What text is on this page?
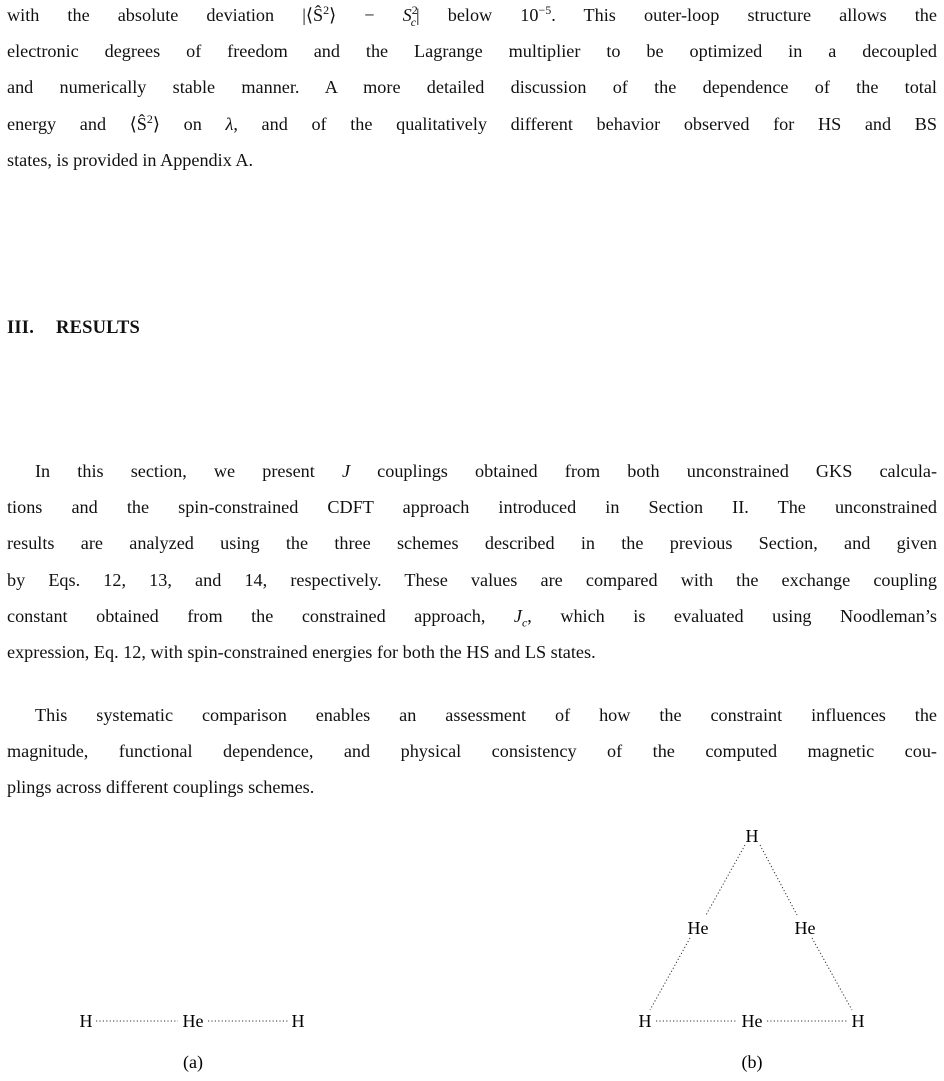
with the absolute deviation $|⟨Ŝ^2⟩ - S^2_c|$ below $10^{-5}$. This outer-loop structure allows the
electronic degrees of freedom and the Lagrange multiplier to be optimized in a decoupled
and numerically stable manner. A more detailed discussion of the dependence of the total
energy and $⟨Ŝ^2⟩$ on λ, and of the qualitatively different behavior observed for HS and BS
states, is provided in Appendix A.
III. RESULTS
In this section, we present J couplings obtained from both unconstrained GKS calcula-
tions and the spin-constrained CDFT approach introduced in Section II. The unconstrained
results are analyzed using the three schemes described in the previous Section, and given
by Eqs. 12, 13, and 14, respectively. These values are compared with the exchange coupling
constant obtained from the constrained approach, $J_c$, which is evaluated using Noodleman’s
expression, Eq. 12, with spin-constrained energies for both the HS and LS states.
This systematic comparison enables an assessment of how the constraint influences the
magnitude, functional dependence, and physical consistency of the computed magnetic cou-
plings across different couplings schemes.
H	He	H
(a)
H
He	He
H	He	H
(b)
